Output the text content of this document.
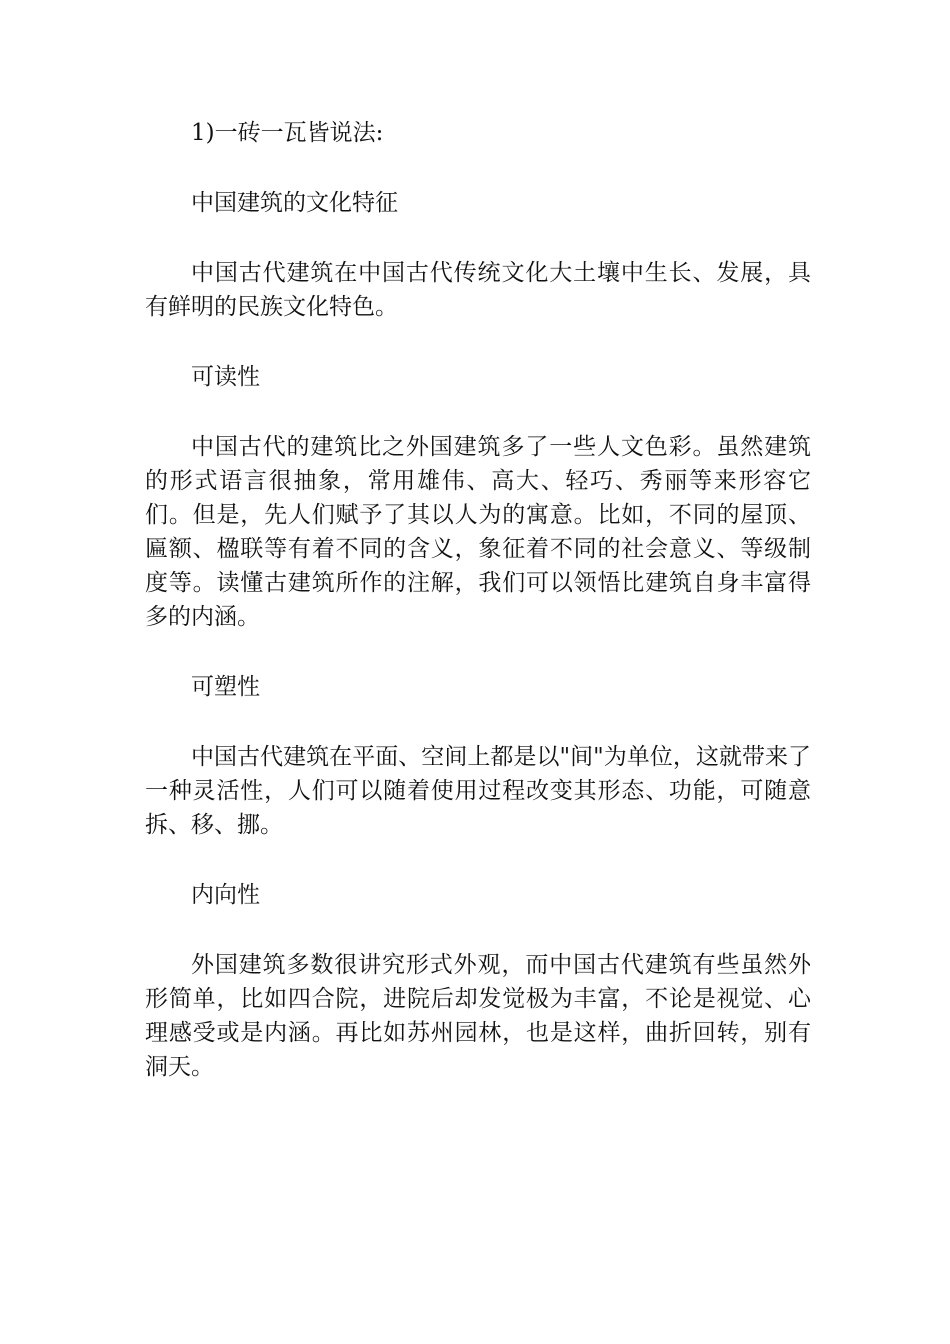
1)一砖一瓦皆说法:

中国建筑的文化特征

中国古代建筑在中国古代传统文化大土壤中生长、发展，具有鲜明的民族文化特色。

可读性

中国古代的建筑比之外国建筑多了一些人文色彩。虽然建筑的形式语言很抽象，常用雄伟、高大、轻巧、秀丽等来形容它们。但是，先人们赋予了其以人为的寓意。比如，不同的屋顶、匾额、楹联等有着不同的含义，象征着不同的社会意义、等级制度等。读懂古建筑所作的注解，我们可以领悟比建筑自身丰富得多的内涵。

可塑性

中国古代建筑在平面、空间上都是以"间"为单位，这就带来了一种灵活性，人们可以随着使用过程改变其形态、功能，可随意拆、移、挪。

内向性

外国建筑多数很讲究形式外观，而中国古代建筑有些虽然外形简单，比如四合院，进院后却发觉极为丰富，不论是视觉、心理感受或是内涵。再比如苏州园林，也是这样，曲折回转，别有洞天。
